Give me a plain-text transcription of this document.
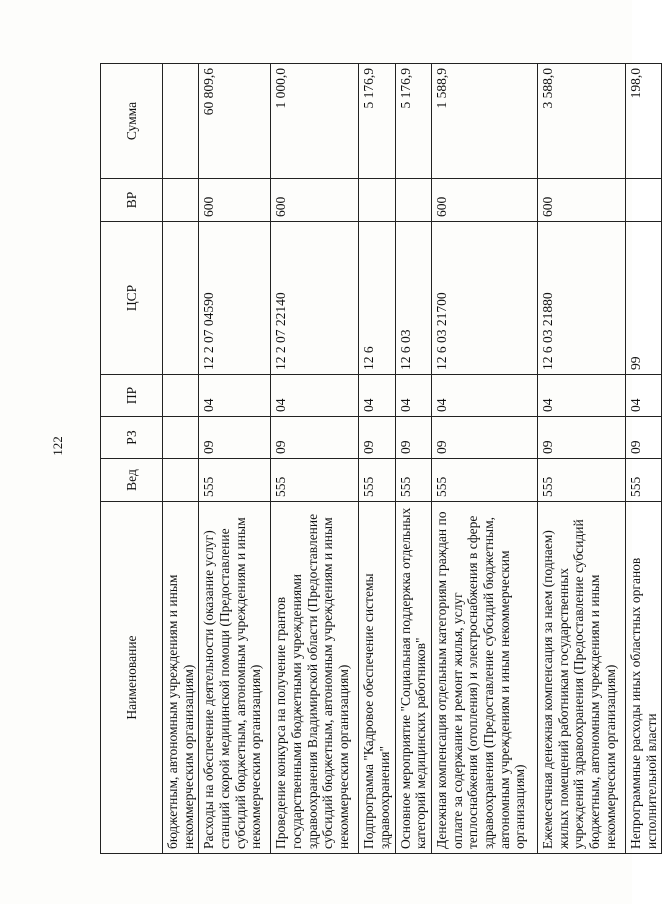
122
Наименование	Вед	РЗ	ПР	ЦСР	ВР	Сумма
бюджетным, автономным учреждениям и иным некоммерческим организациям)						
Расходы на обеспечение деятельности (оказание услуг) станций скорой медицинской помощи (Предоставление субсидий бюджетным, автономным учреждениям и иным некоммерческим организациям)	555	09	04	12 2 07 04590	600	60 809,6
Проведение конкурса на получение грантов государственными бюджетными учреждениями здравоохранения Владимирской области (Предоставление субсидий бюджетным, автономным учреждениям и иным некоммерческим организациям)	555	09	04	12 2 07 22140	600	1 000,0
Подпрограмма "Кадровое обеспечение системы здравоохранения"	555	09	04	12 6		5 176,9
Основное мероприятие "Социальная поддержка отдельных категорий медицинских работников"	555	09	04	12 6 03		5 176,9
Денежная компенсация отдельным категориям граждан по оплате за содержание и ремонт жилья, услуг теплоснабжения (отопления) и электроснабжения в сфере здравоохранения (Предоставление субсидий бюджетным, автономным учреждениям и иным некоммерческим организациям)	555	09	04	12 6 03 21700	600	1 588,9
Ежемесячная денежная компенсация за наем (поднаем) жилых помещений работникам государственных учреждений здравоохранения (Предоставление субсидий бюджетным, автономным учреждениям и иным некоммерческим организациям)	555	09	04	12 6 03 21880	600	3 588,0
Непрограммные расходы иных областных органов исполнительной власти	555	09	04	99		198,0
